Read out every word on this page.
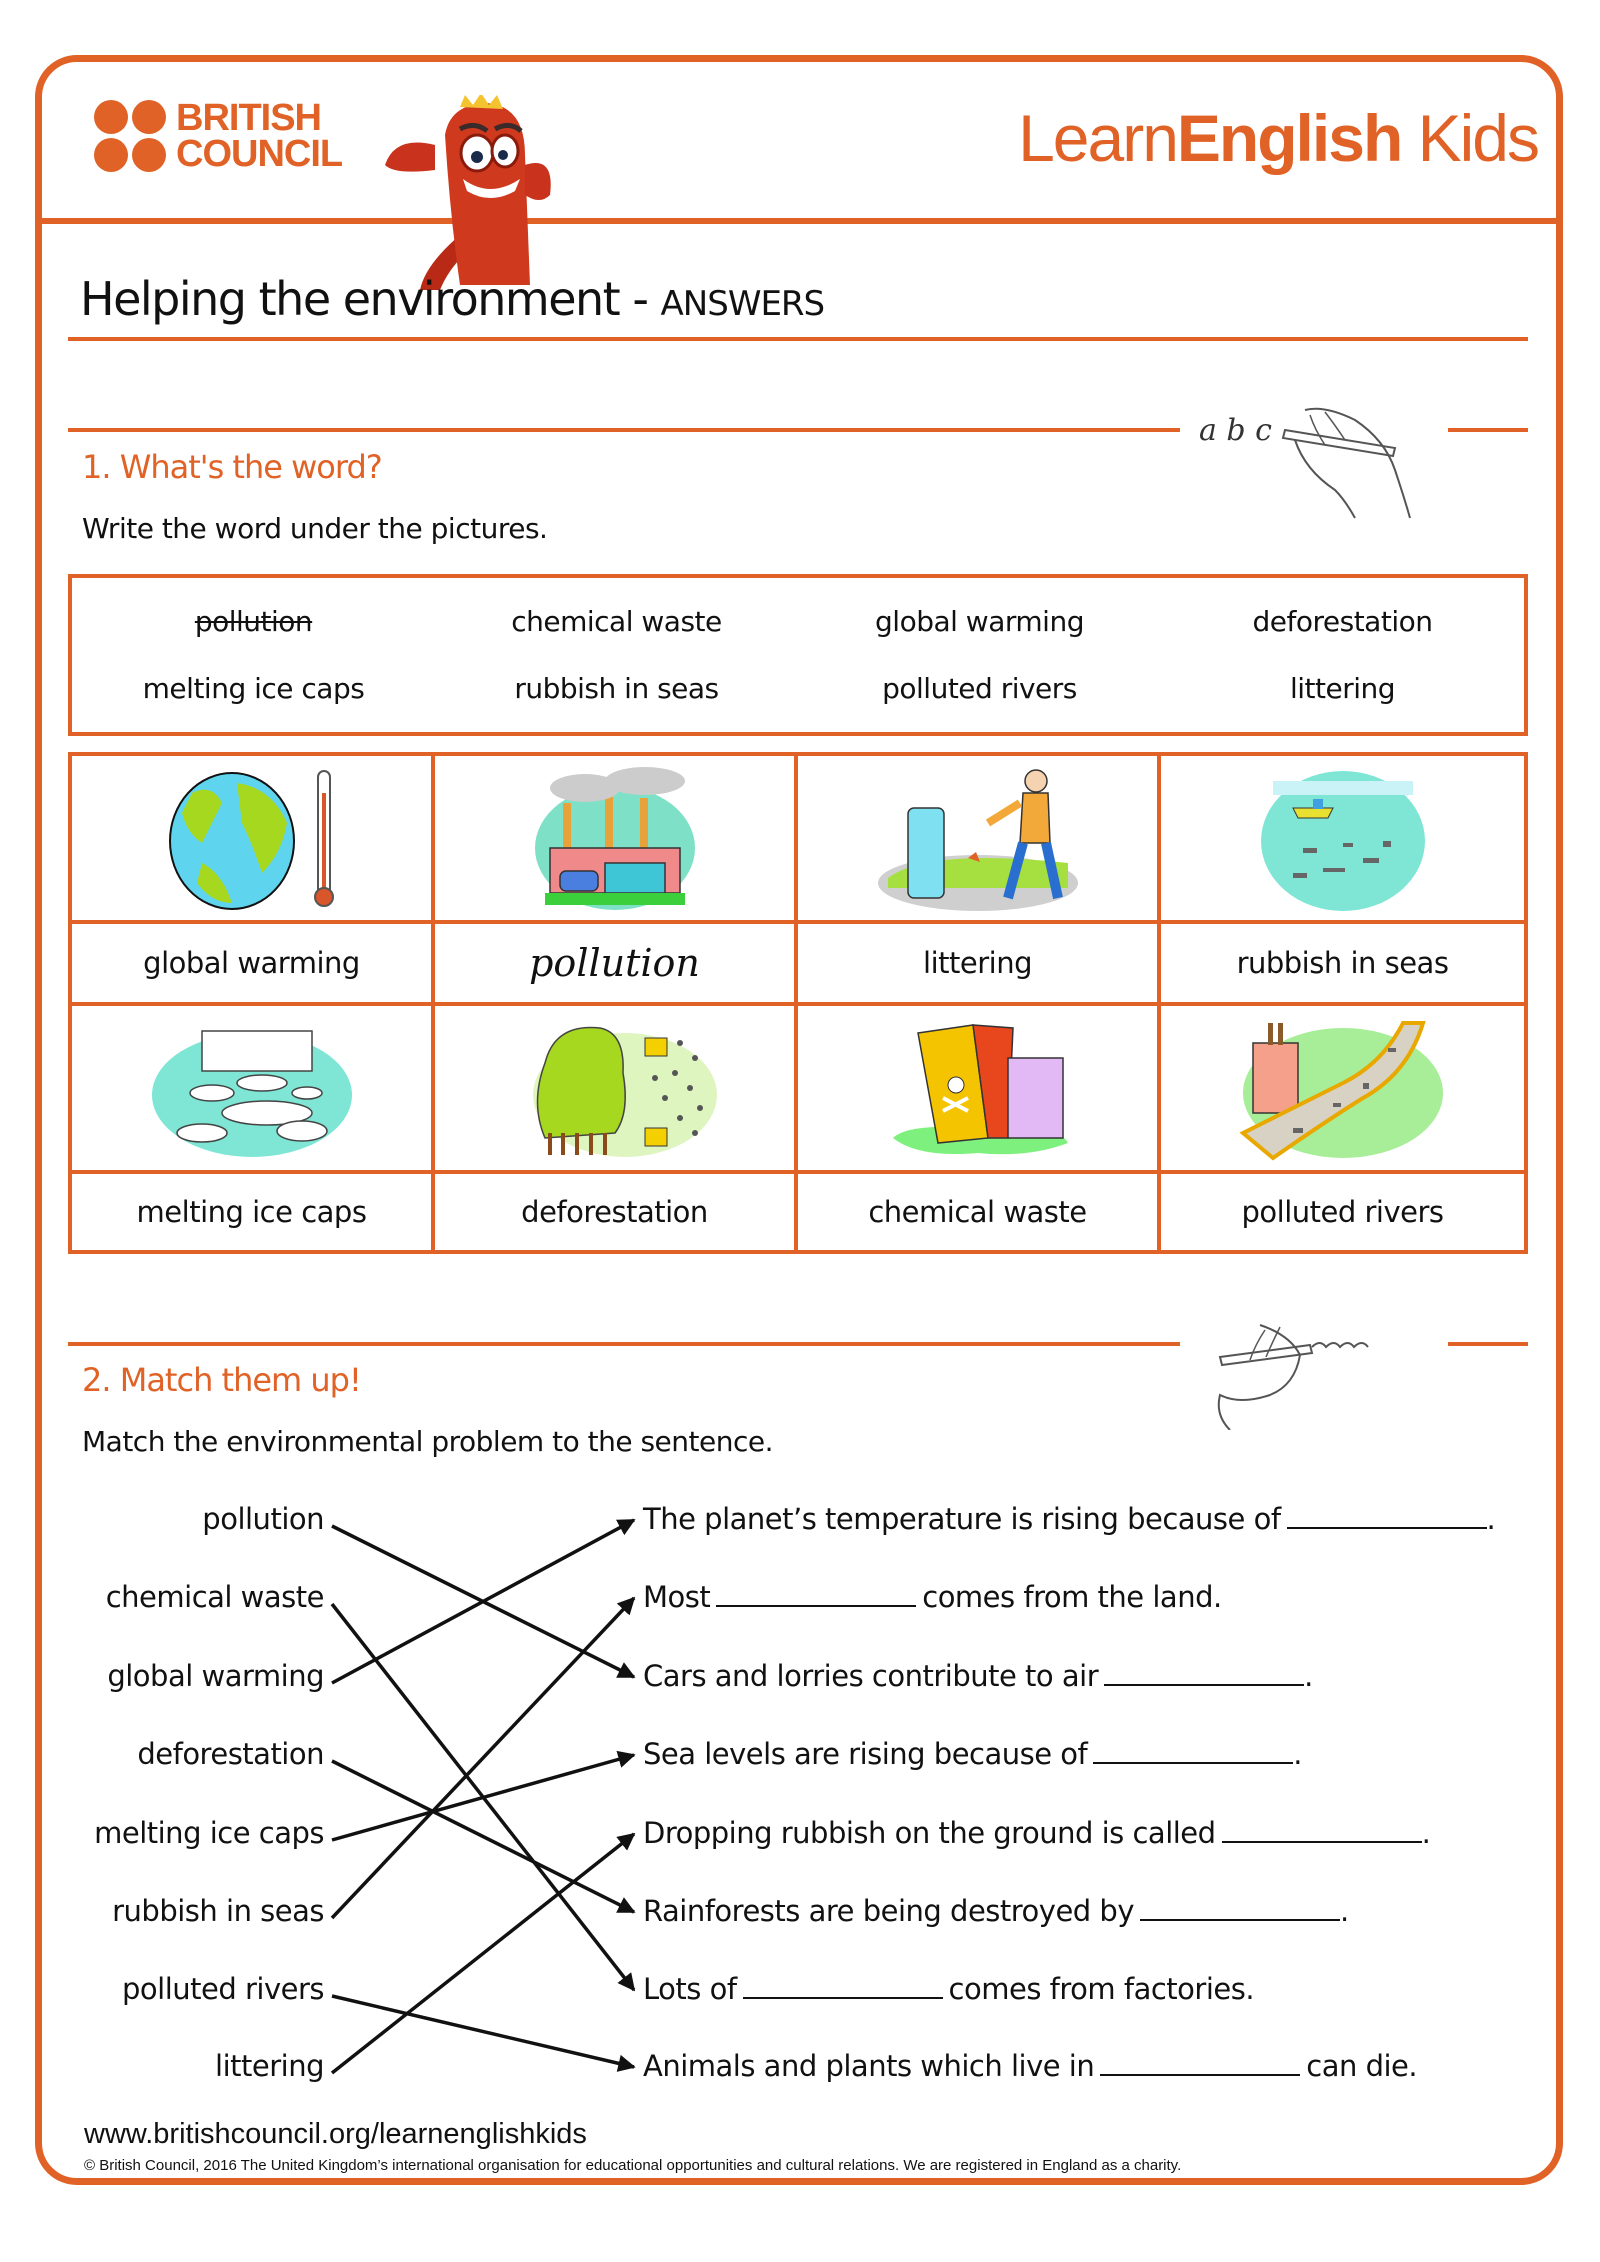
BRITISH
COUNCIL	LearnEnglish Kids
Helping the environment - ANSWERS
a b c
1. What's the word?
Write the word under the pictures.
pollution	chemical waste	global warming	deforestation
melting ice caps	rubbish in seas	polluted rivers	littering
global warming	pollution	littering	rubbish in seas
melting ice caps	deforestation	chemical waste	polluted rivers
2. Match them up!
Match the environmental problem to the sentence.
pollution
chemical waste
global warming
deforestation
melting ice caps
rubbish in seas
polluted rivers
littering
The planet’s temperature is rising because of	.
Most	comes from the land.
Cars and lorries contribute to air	.
Sea levels are rising because of	.
Dropping rubbish on the ground is called	.
Rainforests are being destroyed by	.
Lots of	comes from factories.
Animals and plants which live in	can die.
www.britishcouncil.org/learnenglishkids
© British Council, 2016 The United Kingdom’s international organisation for educational opportunities and cultural relations. We are registered in England as a charity.
